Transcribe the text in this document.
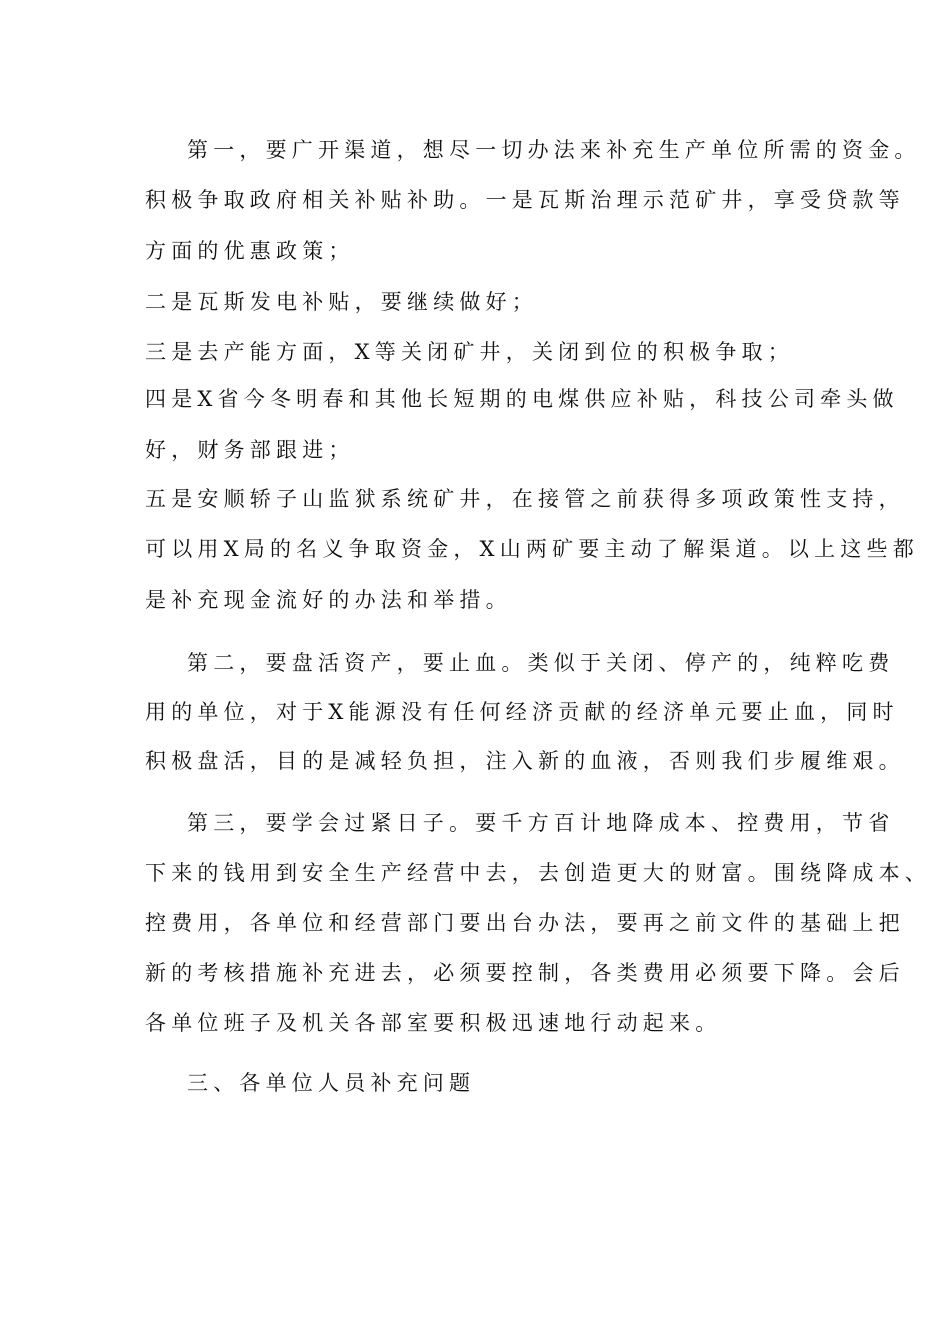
第一，要广开渠道，想尽一切办法来补充生产单位所需的资金。
积极争取政府相关补贴补助。一是瓦斯治理示范矿井，享受贷款等
方面的优惠政策；
二是瓦斯发电补贴，要继续做好；
三是去产能方面，X等关闭矿井，关闭到位的积极争取；
四是X省今冬明春和其他长短期的电煤供应补贴，科技公司牵头做
好，财务部跟进；
五是安顺轿子山监狱系统矿井，在接管之前获得多项政策性支持，
可以用X局的名义争取资金，X山两矿要主动了解渠道。以上这些都
是补充现金流好的办法和举措。
第二，要盘活资产，要止血。类似于关闭、停产的，纯粹吃费
用的单位，对于X能源没有任何经济贡献的经济单元要止血，同时
积极盘活，目的是减轻负担，注入新的血液，否则我们步履维艰。
第三，要学会过紧日子。要千方百计地降成本、控费用，节省
下来的钱用到安全生产经营中去，去创造更大的财富。围绕降成本、
控费用，各单位和经营部门要出台办法，要再之前文件的基础上把
新的考核措施补充进去，必须要控制，各类费用必须要下降。会后
各单位班子及机关各部室要积极迅速地行动起来。
三、各单位人员补充问题
